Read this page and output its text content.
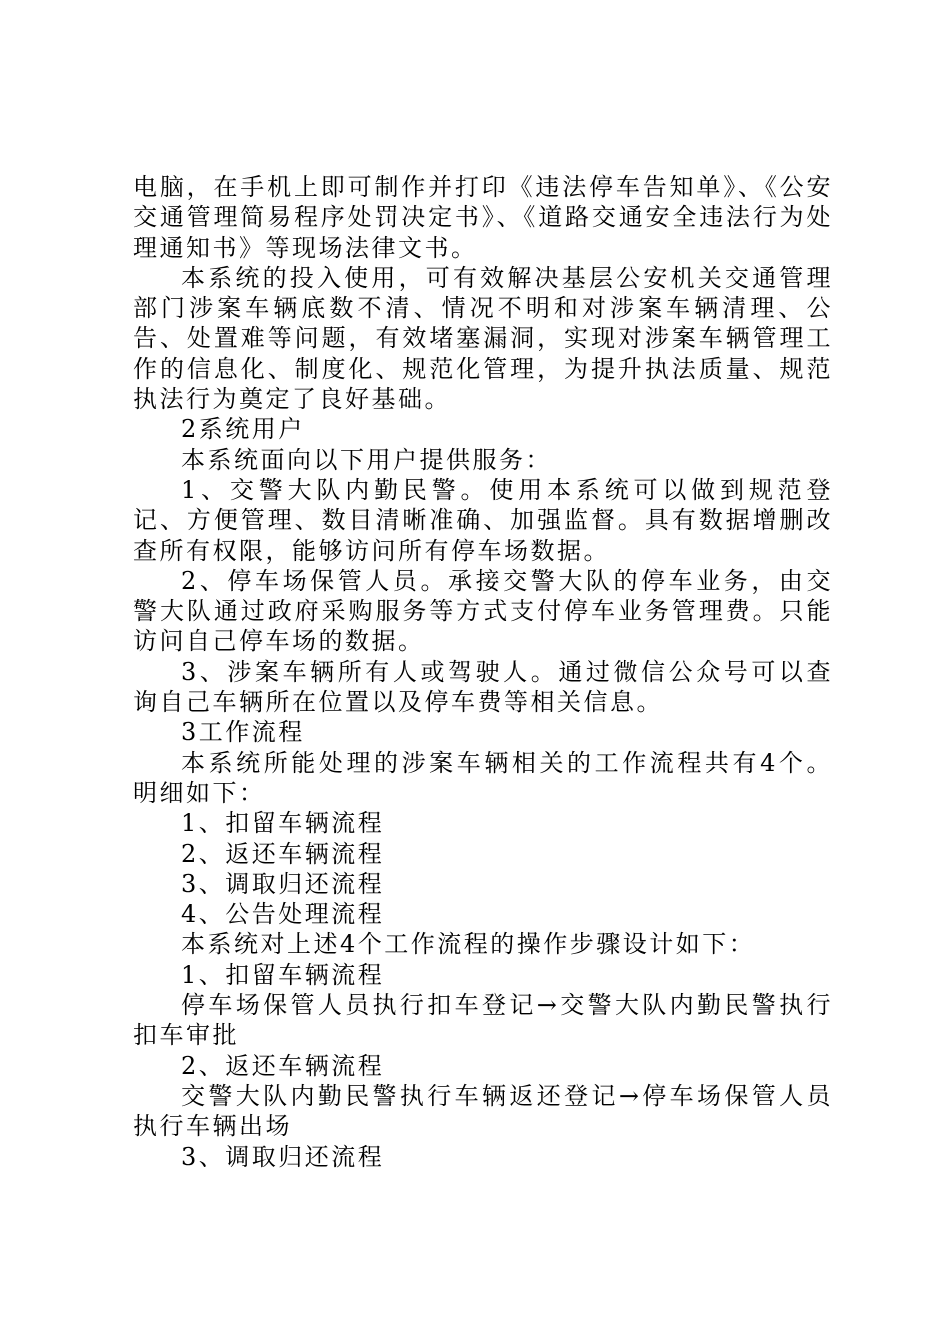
电脑，在手机上即可制作并打印《违法停车告知单》、《公安交通管理简易程序处罚决定书》、《道路交通安全违法行为处理通知书》等现场法律文书。

本系统的投入使用，可有效解决基层公安机关交通管理部门涉案车辆底数不清、情况不明和对涉案车辆清理、公告、处置难等问题，有效堵塞漏洞，实现对涉案车辆管理工作的信息化、制度化、规范化管理，为提升执法质量、规范执法行为奠定了良好基础。

2系统用户

本系统面向以下用户提供服务：

1、交警大队内勤民警。使用本系统可以做到规范登记、方便管理、数目清晰准确、加强监督。具有数据增删改查所有权限，能够访问所有停车场数据。

2、停车场保管人员。承接交警大队的停车业务，由交警大队通过政府采购服务等方式支付停车业务管理费。只能访问自己停车场的数据。

3、涉案车辆所有人或驾驶人。通过微信公众号可以查询自己车辆所在位置以及停车费等相关信息。

3工作流程

本系统所能处理的涉案车辆相关的工作流程共有4个。明细如下：

1、扣留车辆流程

2、返还车辆流程

3、调取归还流程

4、公告处理流程

本系统对上述4个工作流程的操作步骤设计如下：

1、扣留车辆流程

停车场保管人员执行扣车登记→交警大队内勤民警执行扣车审批

2、返还车辆流程

交警大队内勤民警执行车辆返还登记→停车场保管人员执行车辆出场

3、调取归还流程
